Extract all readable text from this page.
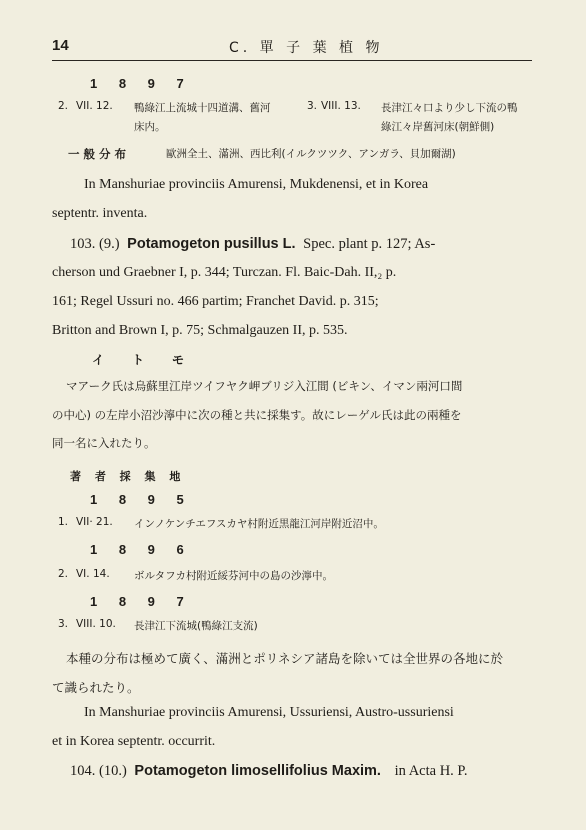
14	C. 單 子 葉 植 物
1 8 9 7
2. VII. 12. 鴨綠江上流城十四道溝、舊河
床内。
3. VIII. 13. 長津江々口より少し下流の鴨
綠江々岸舊河床(朝鮮側)
一 般 分 布	歐洲全土、滿洲、西比利(イルクツツク、アンガラ、貝加爾湖)
In Manshuriae provinciis Amurensi, Mukdenensi, et in Korea
septentr. inventa.
103. (9.) Potamogeton pusillus L. Spec. plant p. 127; As-
cherson und Graebner I, p. 344; Turczan. Fl. Baic-Dah. II,₂ p.
161; Regel Ussuri no. 466 partim; Franchet David. p. 315;
Britton and Brown I, p. 75; Schmalgauzen II, p. 535.
イトモ
マアーク氏は烏蘇里江岸ツイフヤク岬ブリジ入江間 (ビキン、イマン兩河口間
の中心) の左岸小沼沙濘中に次の種と共に採集す。故にレーゲル氏は此の兩種を
同一名に入れたり。
著 者 採 集 地
1 8 9 5
1. VII· 21. インノケンチエフスカヤ村附近黒龍江河岸附近沼中。
1 8 9 6
2. VI. 14. ボルタフカ村附近綏芬河中の島の沙濘中。
1 8 9 7
3. VIII. 10. 長津江下流城(鴨綠江支流)
本種の分布は極めて廣く、滿洲とポリネシア諸島を除いては全世界の各地に於
て識られたり。
In Manshuriae provinciis Amurensi, Ussuriensi, Austro-ussuriensi
et in Korea septentr. occurrit.
104. (10.) Potamogeton limosellifolius Maxim. in Acta H. P.
